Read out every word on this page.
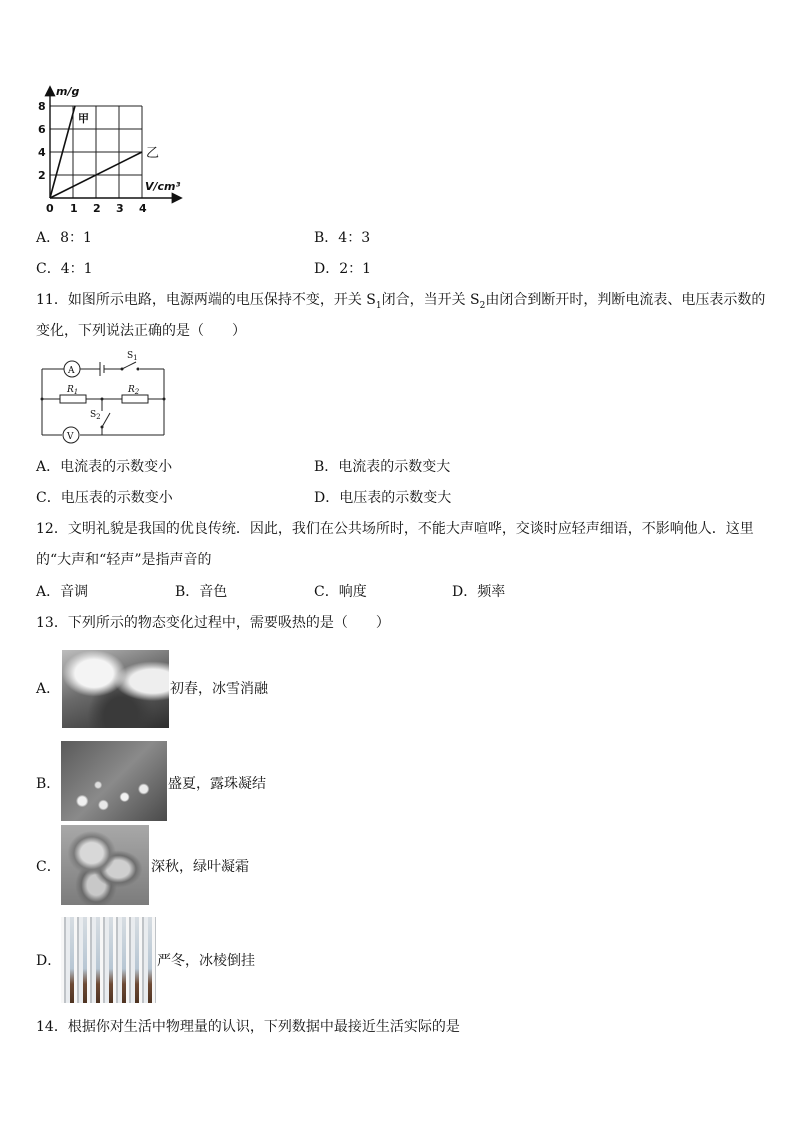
m/g
V/cm³
8
6
4
2
0 1 2 3 4
甲
乙
A．8：1	B．4：3
C．4：1	D．2：1
11．如图所示电路，电源两端的电压保持不变，开关 $S_1$闭合，当开关 $S_2$由闭合到断开时，判断电流表、电压表示数的
变化，下列说法正确的是（　　）
A
V
$R_1$	$R_2$
$S_1$
$S_2$
A．电流表的示数变小	B．电流表的示数变大
C．电压表的示数变小	D．电压表的示数变大
12．文明礼貌是我国的优良传统．因此，我们在公共场所时，不能大声喧哗，交谈时应轻声细语，不影响他人．这里
的“大声和“轻声”是指声音的
A．音调	B．音色	C．响度	D．频率
13．下列所示的物态变化过程中，需要吸热的是（　　）
A．	初春，冰雪消融
B．	盛夏，露珠凝结
C．	深秋，绿叶凝霜
D．	严冬，冰棱倒挂
14．根据你对生活中物理量的认识，下列数据中最接近生活实际的是
